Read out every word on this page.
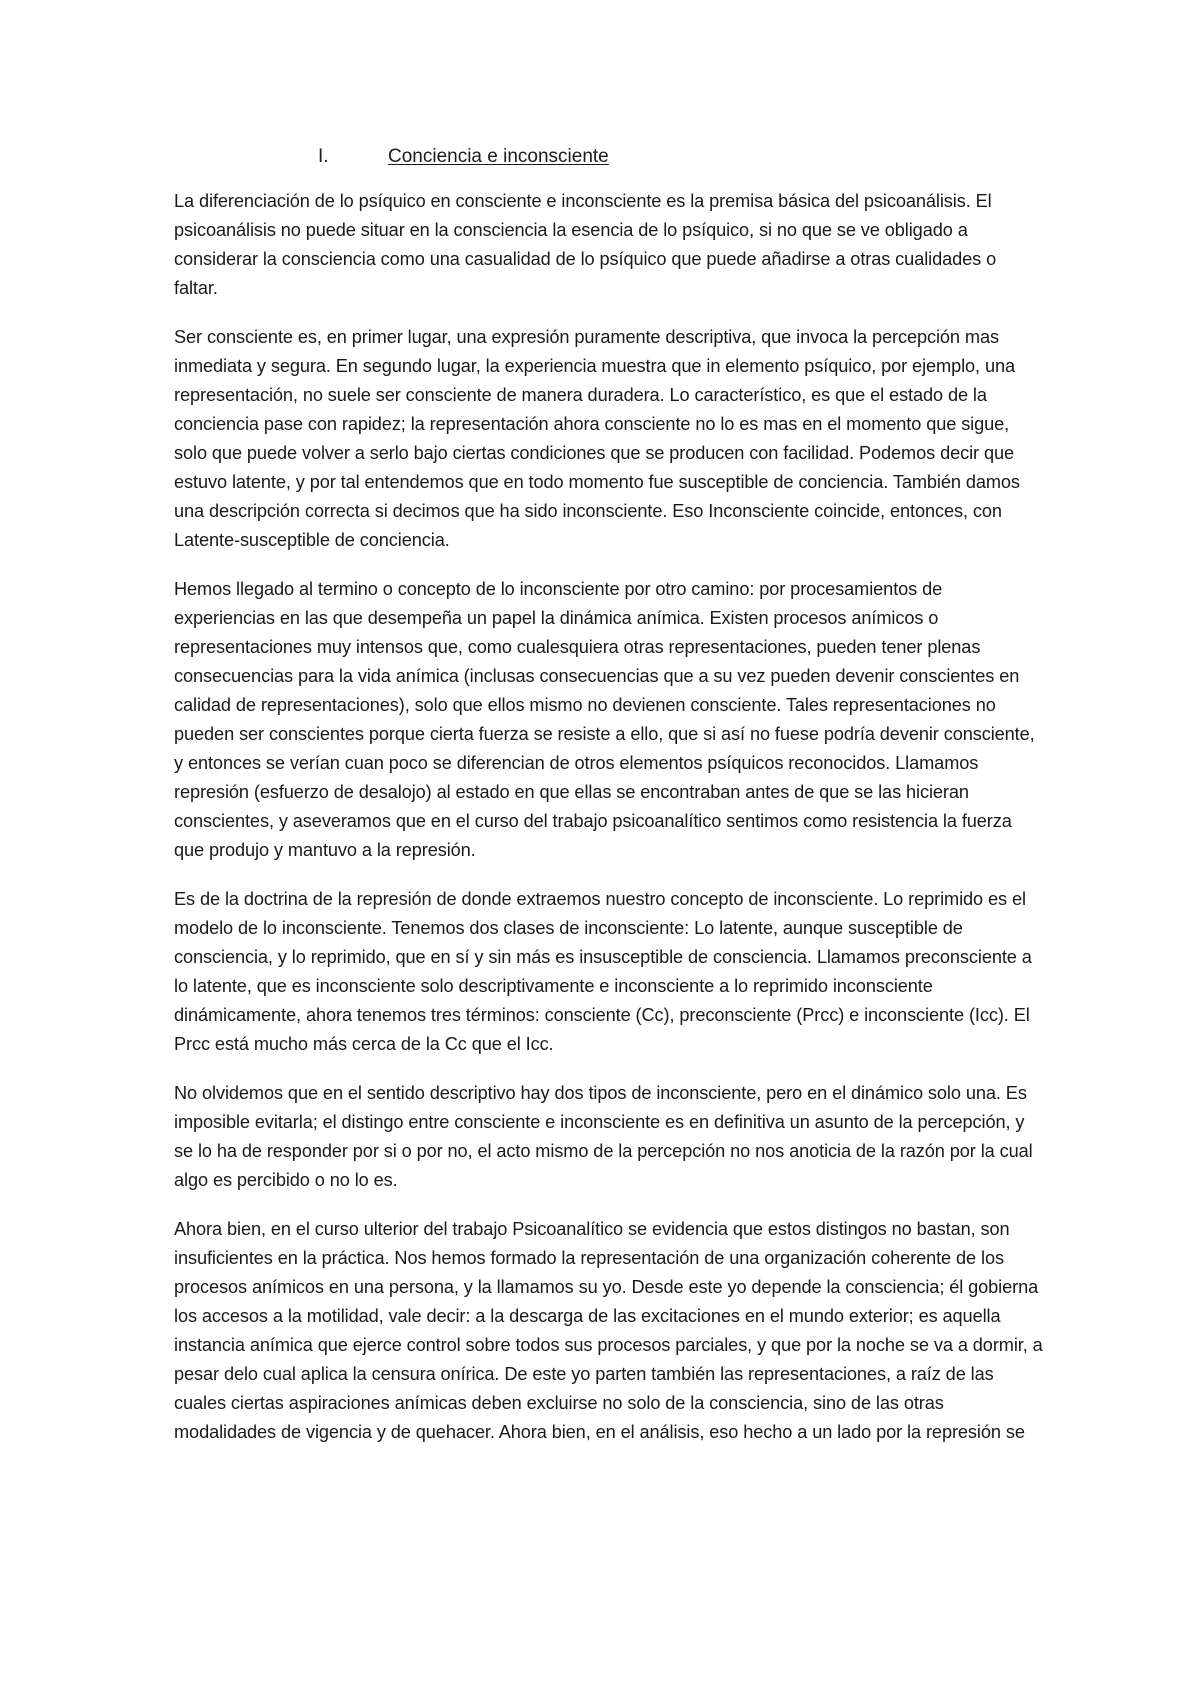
I.	Conciencia e inconsciente

La diferenciación de lo psíquico en consciente e inconsciente es la premisa básica del psicoanálisis. El psicoanálisis no puede situar en la consciencia la esencia de lo psíquico, si no que se ve obligado a considerar la consciencia como una casualidad de lo psíquico que puede añadirse a otras cualidades o faltar.

Ser consciente es, en primer lugar, una expresión puramente descriptiva, que invoca la percepción mas inmediata y segura. En segundo lugar, la experiencia muestra que in elemento psíquico, por ejemplo, una representación, no suele ser consciente de manera duradera. Lo característico, es que el estado de la conciencia pase con rapidez; la representación ahora consciente no lo es mas en el momento que sigue, solo que puede volver a serlo bajo ciertas condiciones que se producen con facilidad. Podemos decir que estuvo latente, y por tal entendemos que en todo momento fue susceptible de conciencia. También damos una descripción correcta si decimos que ha sido inconsciente. Eso Inconsciente coincide, entonces, con Latente-susceptible de conciencia.

Hemos llegado al termino o concepto de lo inconsciente por otro camino: por procesamientos de experiencias en las que desempeña un papel la dinámica anímica. Existen procesos anímicos o representaciones muy intensos que, como cualesquiera otras representaciones, pueden tener plenas consecuencias para la vida anímica (inclusas consecuencias que a su vez pueden devenir conscientes en calidad de representaciones), solo que ellos mismo no devienen consciente. Tales representaciones no pueden ser conscientes porque cierta fuerza se resiste a ello, que si así no fuese podría devenir consciente, y entonces se verían cuan poco se diferencian de otros elementos psíquicos reconocidos. Llamamos represión (esfuerzo de desalojo) al estado en que ellas se encontraban antes de que se las hicieran conscientes, y aseveramos que en el curso del trabajo psicoanalítico sentimos como resistencia la fuerza que produjo y mantuvo a la represión.

Es de la doctrina de la represión de donde extraemos nuestro concepto de inconsciente. Lo reprimido es el modelo de lo inconsciente. Tenemos dos clases de inconsciente: Lo latente, aunque susceptible de consciencia, y lo reprimido, que en sí y sin más es insusceptible de consciencia. Llamamos preconsciente a lo latente, que es inconsciente solo descriptivamente e inconsciente a lo reprimido inconsciente dinámicamente, ahora tenemos tres términos: consciente (Cc), preconsciente (Prcc) e inconsciente (Icc). El Prcc está mucho más cerca de la Cc que el Icc.

No olvidemos que en el sentido descriptivo hay dos tipos de inconsciente, pero en el dinámico solo una. Es imposible evitarla; el distingo entre consciente e inconsciente es en definitiva un asunto de la percepción, y se lo ha de responder por si o por no, el acto mismo de la percepción no nos anoticia de la razón por la cual algo es percibido o no lo es.

Ahora bien, en el curso ulterior del trabajo Psicoanalítico se evidencia que estos distingos no bastan, son insuficientes en la práctica. Nos hemos formado la representación de una organización coherente de los procesos anímicos en una persona, y la llamamos su yo. Desde este yo depende la consciencia; él gobierna los accesos a la motilidad, vale decir: a la descarga de las excitaciones en el mundo exterior; es aquella instancia anímica que ejerce control sobre todos sus procesos parciales, y que por la noche se va a dormir, a pesar delo cual aplica la censura onírica. De este yo parten también las representaciones, a raíz de las cuales ciertas aspiraciones anímicas deben excluirse no solo de la consciencia, sino de las otras modalidades de vigencia y de quehacer. Ahora bien, en el análisis, eso hecho a un lado por la represión se
